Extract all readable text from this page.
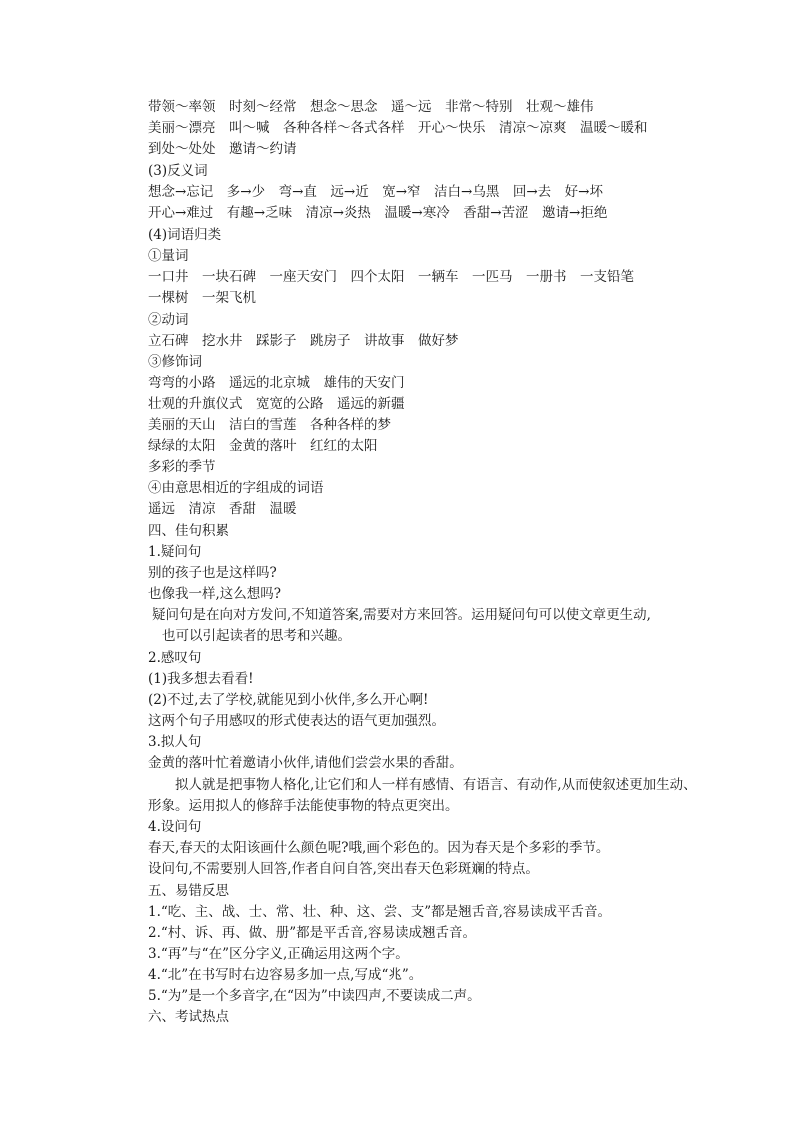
带领～率领　时刻～经常　想念～思念　遥～远　非常～特别　壮观～雄伟
美丽～漂亮　叫～喊　各种各样～各式各样　开心～快乐　清凉～凉爽　温暖～暖和
到处～处处　邀请～约请
(3)反义词
想念→忘记　多→少　弯→直　远→近　宽→窄　洁白→乌黑　回→去　好→坏
开心→难过　有趣→乏味　清凉→炎热　温暖→寒冷　香甜→苦涩　邀请→拒绝
(4)词语归类
①量词
一口井　一块石碑　一座天安门　四个太阳　一辆车　一匹马　一册书　一支铅笔
一棵树　一架飞机
②动词
立石碑　挖水井　踩影子　跳房子　讲故事　做好梦
③修饰词
弯弯的小路　遥远的北京城　雄伟的天安门
壮观的升旗仪式　宽宽的公路　遥远的新疆
美丽的天山　洁白的雪莲　各种各样的梦
绿绿的太阳　金黄的落叶　红红的太阳
多彩的季节
④由意思相近的字组成的词语
遥远　清凉　香甜　温暖
四、佳句积累
1.疑问句
别的孩子也是这样吗?
也像我一样,这么想吗?
疑问句是在向对方发问,不知道答案,需要对方来回答。运用疑问句可以使文章更生动,
也可以引起读者的思考和兴趣。
2.感叹句
(1)我多想去看看!
(2)不过,去了学校,就能见到小伙伴,多么开心啊!
这两个句子用感叹的形式使表达的语气更加强烈。
3.拟人句
金黄的落叶忙着邀请小伙伴,请他们尝尝水果的香甜。
　　拟人就是把事物人格化,让它们和人一样有感情、有语言、有动作,从而使叙述更加生动、
形象。运用拟人的修辞手法能使事物的特点更突出。
4.设问句
春天,春天的太阳该画什么颜色呢?哦,画个彩色的。因为春天是个多彩的季节。
设问句,不需要别人回答,作者自问自答,突出春天色彩斑斓的特点。
五、易错反思
1.“吃、主、战、士、常、壮、种、这、尝、支”都是翘舌音,容易读成平舌音。
2.“村、诉、再、做、册”都是平舌音,容易读成翘舌音。
3.“再”与“在”区分字义,正确运用这两个字。
4.“北”在书写时右边容易多加一点,写成“兆”。
5.“为”是一个多音字,在“因为”中读四声,不要读成二声。
六、考试热点
